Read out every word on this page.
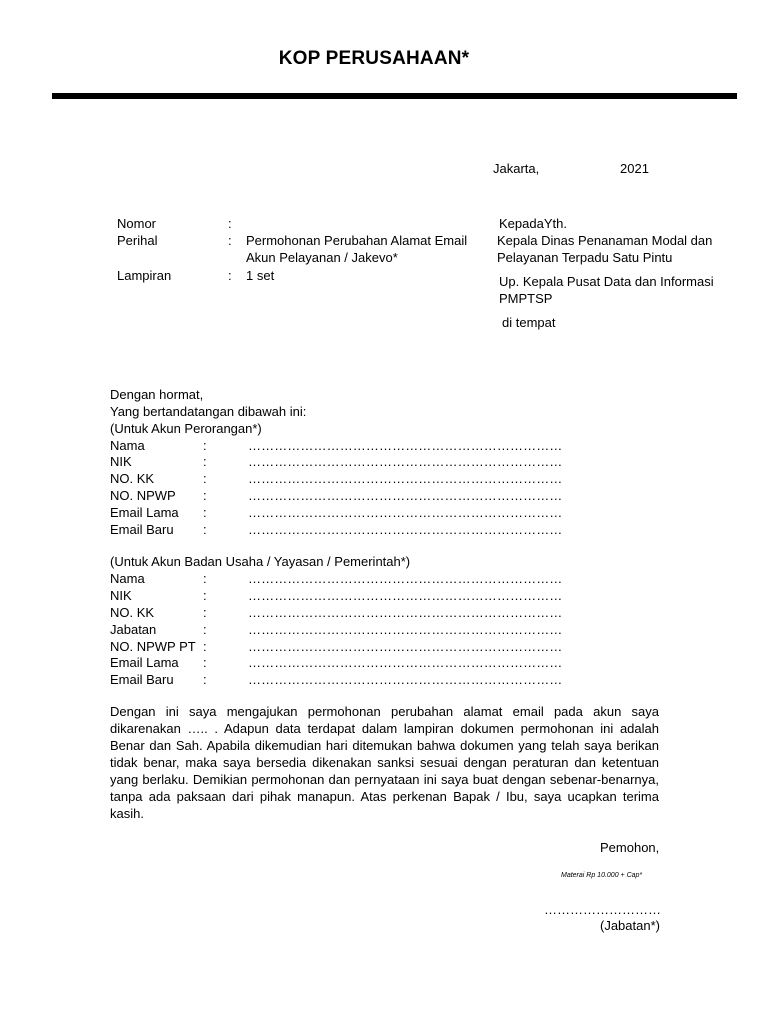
KOP PERUSAHAAN*
Jakarta,	2021
Nomor	:
Perihal	: Permohonan Perubahan Alamat Email
Akun Pelayanan / Jakevo*
Lampiran	: 1 set
KepadaYth.
Kepala Dinas Penanaman Modal dan
Pelayanan Terpadu Satu Pintu
Up. Kepala Pusat Data dan Informasi
PMPTSP
di tempat
Dengan hormat,
Yang bertandatangan dibawah ini:
(Untuk Akun Perorangan*)
Nama	:	………………………………………………………………
NIK	:	………………………………………………………………
NO. KK	:	………………………………………………………………
NO. NPWP :	………………………………………………………………
Email Lama :	………………………………………………………………
Email Baru :	………………………………………………………………
(Untuk Akun Badan Usaha / Yayasan / Pemerintah*)
Nama	:	………………………………………………………………
NIK	:	………………………………………………………………
NO. KK	:	………………………………………………………………
Jabatan	:	………………………………………………………………
NO. NPWP PT :	………………………………………………………………
Email Lama :	………………………………………………………………
Email Baru :	………………………………………………………………
Dengan ini saya mengajukan permohonan perubahan alamat email pada akun saya dikarenakan ….. . Adapun data terdapat dalam lampiran dokumen permohonan ini adalah Benar dan Sah. Apabila dikemudian hari ditemukan bahwa dokumen yang telah saya berikan tidak benar, maka saya bersedia dikenakan sanksi sesuai dengan peraturan dan ketentuan yang berlaku. Demikian permohonan dan pernyataan ini saya buat dengan sebenar-benarnya, tanpa ada paksaan dari pihak manapun. Atas perkenan Bapak / Ibu, saya ucapkan terima kasih.
Pemohon,
Materai Rp 10.000 + Cap*
………………………
(Jabatan*)
